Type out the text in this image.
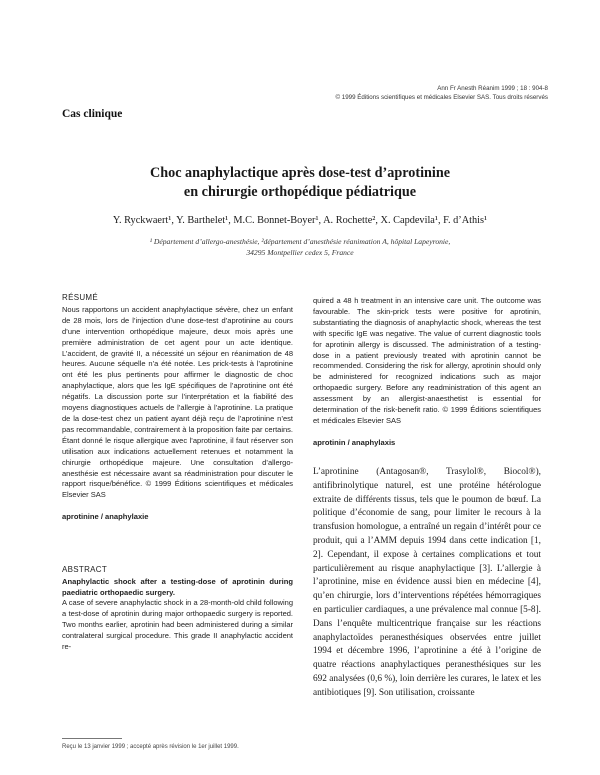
Ann Fr Anesth Réanim 1999 ; 18 : 904-8
© 1999 Éditions scientifiques et médicales Elsevier SAS. Tous droits réservés
Cas clinique
Choc anaphylactique après dose-test d’aprotinine
en chirurgie orthopédique pédiatrique
Y. Ryckwaert¹, Y. Barthelet¹, M.C. Bonnet-Boyer¹, A. Rochette², X. Capdevila¹, F. d’Athis¹
¹ Département d’allergo-anesthésie, ²département d’anesthésie réanimation A, hôpital Lapeyronie,
34295 Montpellier cedex 5, France
RÉSUMÉ

Nous rapportons un accident anaphylactique sévère, chez un enfant de 28 mois, lors de l’injection d’une dose-test d’aprotinine au cours d’une intervention orthopédique majeure, deux mois après une première administration de cet agent pour un acte identique. L’accident, de gravité II, a nécessité un séjour en réanimation de 48 heures. Aucune séquelle n’a été notée. Les prick-tests à l’aprotinine ont été les plus pertinents pour affirmer le diagnostic de choc anaphylactique, alors que les IgE spécifiques de l’aprotinine ont été négatifs. La discussion porte sur l’interprétation et la fiabilité des moyens diagnostiques actuels de l’allergie à l’aprotinine. La pratique de la dose-test chez un patient ayant déjà reçu de l’aprotinine n’est pas recommandable, contrairement à la proposition faite par certains. Étant donné le risque allergique avec l’aprotinine, il faut réserver son utilisation aux indications actuellement retenues et notamment la chirurgie orthopédique majeure. Une consultation d’allergo-anesthésie est nécessaire avant sa réadministration pour discuter le rapport risque/bénéfice. © 1999 Éditions scientifiques et médicales Elsevier SAS

aprotinine / anaphylaxie
ABSTRACT
Anaphylactic shock after a testing-dose of aprotinin during paediatric orthopaedic surgery.

A case of severe anaphylactic shock in a 28-month-old child following a test-dose of aprotinin during major orthopaedic surgery is reported. Two months earlier, aprotinin had been administered during a similar contralateral surgical procedure. This grade II anaphylactic accident re-

quired a 48 h treatment in an intensive care unit. The outcome was favourable. The skin-prick tests were positive for aprotinin, substantiating the diagnosis of anaphylactic shock, whereas the test with specific IgE was negative. The value of current diagnostic tools for aprotinin allergy is discussed. The administration of a testing-dose in a patient previously treated with aprotinin cannot be recommended. Considering the risk for allergy, aprotinin should only be administered for recognized indications such as major orthopaedic surgery. Before any readministration of this agent an assessment by an allergist-anaesthetist is essential for determination of the risk-benefit ratio. © 1999 Éditions scientifiques et médicales Elsevier SAS

aprotinin / anaphylaxis
L’aprotinine (Antagosan®, Trasylol®, Biocol®), antifibrinolytique naturel, est une protéine hétérologue extraite de différents tissus, tels que le poumon de bœuf. La politique d’économie de sang, pour limiter le recours à la transfusion homologue, a entraîné un regain d’intérêt pour ce produit, qui a l’AMM depuis 1994 dans cette indication [1, 2]. Cependant, il expose à certaines complications et tout particulièrement au risque anaphylactique [3]. L’allergie à l’aprotinine, mise en évidence aussi bien en médecine [4], qu’en chirurgie, lors d’interventions répétées hémorragiques en particulier cardiaques, a une prévalence mal connue [5-8]. Dans l’enquête multicentrique française sur les réactions anaphylactoïdes peranesthésiques observées entre juillet 1994 et décembre 1996, l’aprotinine a été à l’origine de quatre réactions anaphylactiques peranesthésiques sur les 692 analysées (0,6 %), loin derrière les curares, le latex et les antibiotiques [9]. Son utilisation, croissante
Reçu le 13 janvier 1999 ; accepté après révision le 1er juillet 1999.
